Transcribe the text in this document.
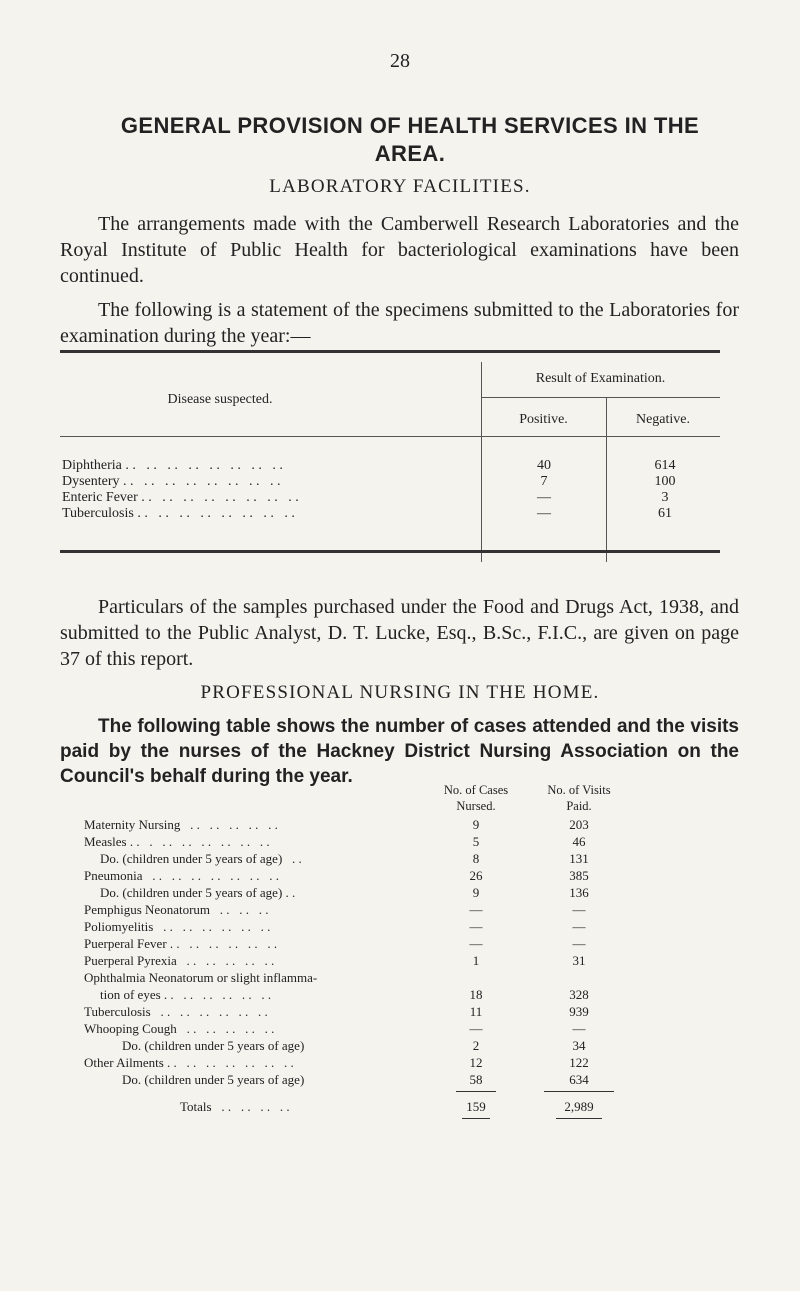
28
GENERAL PROVISION OF HEALTH SERVICES IN THE AREA.
LABORATORY FACILITIES.

The arrangements made with the Camberwell Research Laboratories and the Royal Institute of Public Health for bacteriological examinations have been continued.

The following is a statement of the specimens submitted to the Laboratories for examination during the year:—

Disease suspected.
Result of Examination.
Positive.	Negative.
Diphtheria . .   . .   . .   . .   . .   . .   . .   . .	40	614
Dysentery . .   . .   . .   . .   . .   . .   . .   . .	7	100
Enteric Fever . .   . .   . .   . .   . .   . .   . .   . .	—	3
Tuberculosis . .   . .   . .   . .   . .   . .   . .   . .	—	61

Particulars of the samples purchased under the Food and Drugs Act, 1938, and submitted to the Public Analyst, D. T. Lucke, Esq., B.Sc., F.I.C., are given on page 37 of this report.

PROFESSIONAL NURSING IN THE HOME.

The following table shows the number of cases attended and the visits paid by the nurses of the Hackney District Nursing Association on the Council's behalf during the year.

No. of Cases Nursed.
No. of Visits Paid.
Maternity Nursing   . .   . .   . .   . .   . .	9	203
Measles . .   .   . .   . .   . .   . .   . .   . .	5	46
Do. (children under 5 years of age)   . .	8	131
Pneumonia   . .   . .   . .   . .   . .   . .   . .	26	385
Do. (children under 5 years of age) . .	9	136
Pemphigus Neonatorum   . .   . .   . .	—	—
Poliomyelitis   . .   . .   . .   . .   . .   . .	—	—
Puerperal Fever . .   . .   . .   . .   . .   . .	—	—
Puerperal Pyrexia   . .   . .   . .   . .   . .	1	31
Ophthalmia Neonatorum or slight inflamma-
tion of eyes . .   . .   . .   . .   . .   . .	18	328
Tuberculosis   . .   . .   . .   . .   . .   . .	11	939
Whooping Cough   . .   . .   . .   . .   . .	—	—
Do. (children under 5 years of age)	2	34
Other Ailments . .   . .   . .   . .   . .   . .   . .	12	122
Do. (children under 5 years of age)	58	634
Totals   . .   . .   . .   . .	159	2,989
